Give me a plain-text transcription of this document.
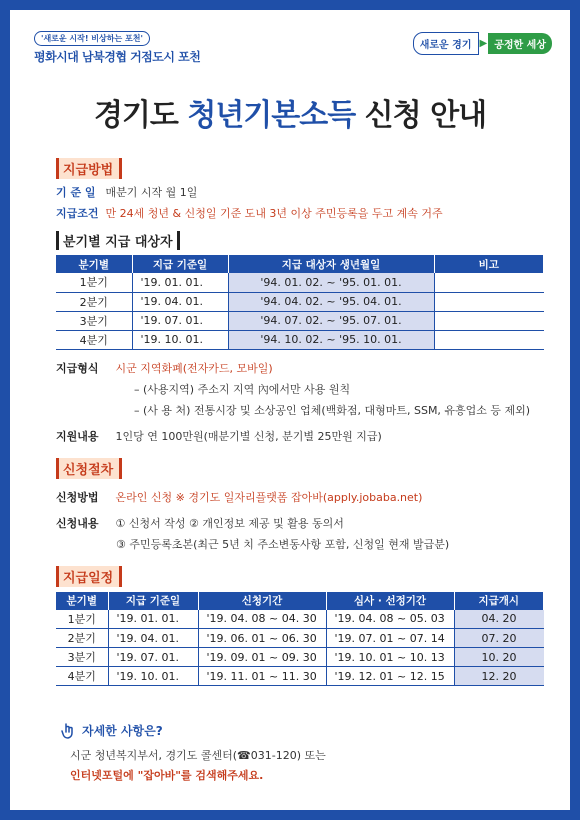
'새로운 시작! 비상하는 포천'
평화시대 남북경협 거점도시 포천
새로운 경기 ▶ 공정한 세상
경기도 청년기본소득 신청 안내
지급방법
기 준 일 매분기 시작 월 1일
지급조건 만 24세 청년 & 신청일 기준 도내 3년 이상 주민등록을 두고 계속 거주
분기별 지급 대상자
분기별	지급 기준일	지급 대상자 생년월일	비고
1분기	'19. 01. 01.	'94. 01. 02. ~ '95. 01. 01.	
2분기	'19. 04. 01.	'94. 04. 02. ~ '95. 04. 01.	
3분기	'19. 07. 01.	'94. 07. 02. ~ '95. 07. 01.	
4분기	'19. 10. 01.	'94. 10. 02. ~ '95. 10. 01.	
지급형식 시군 지역화폐(전자카드, 모바일)
– (사용지역) 주소지 지역 內에서만 사용 원칙
– (사 용 처) 전통시장 및 소상공인 업체(백화점, 대형마트, SSM, 유흥업소 등 제외)
지원내용 1인당 연 100만원(매분기별 신청, 분기별 25만원 지급)
신청절차
신청방법 온라인 신청 ※ 경기도 일자리플랫폼 잡아바(apply.jobaba.net)
신청내용 ① 신청서 작성 ② 개인정보 제공 및 활용 동의서
③ 주민등록초본(최근 5년 치 주소변동사항 포함, 신청일 현재 발급분)
지급일정
분기별	지급 기준일	신청기간	심사 · 선정기간	지급개시
1분기	'19. 01. 01.	'19. 04. 08 ~ 04. 30	'19. 04. 08 ~ 05. 03	04. 20
2분기	'19. 04. 01.	'19. 06. 01 ~ 06. 30	'19. 07. 01 ~ 07. 14	07. 20
3분기	'19. 07. 01.	'19. 09. 01 ~ 09. 30	'19. 10. 01 ~ 10. 13	10. 20
4분기	'19. 10. 01.	'19. 11. 01 ~ 11. 30	'19. 12. 01 ~ 12. 15	12. 20
자세한 사항은?
시군 청년복지부서, 경기도 콜센터(☎031-120) 또는
인터넷포털에 "잡아바"를 검색해주세요.
